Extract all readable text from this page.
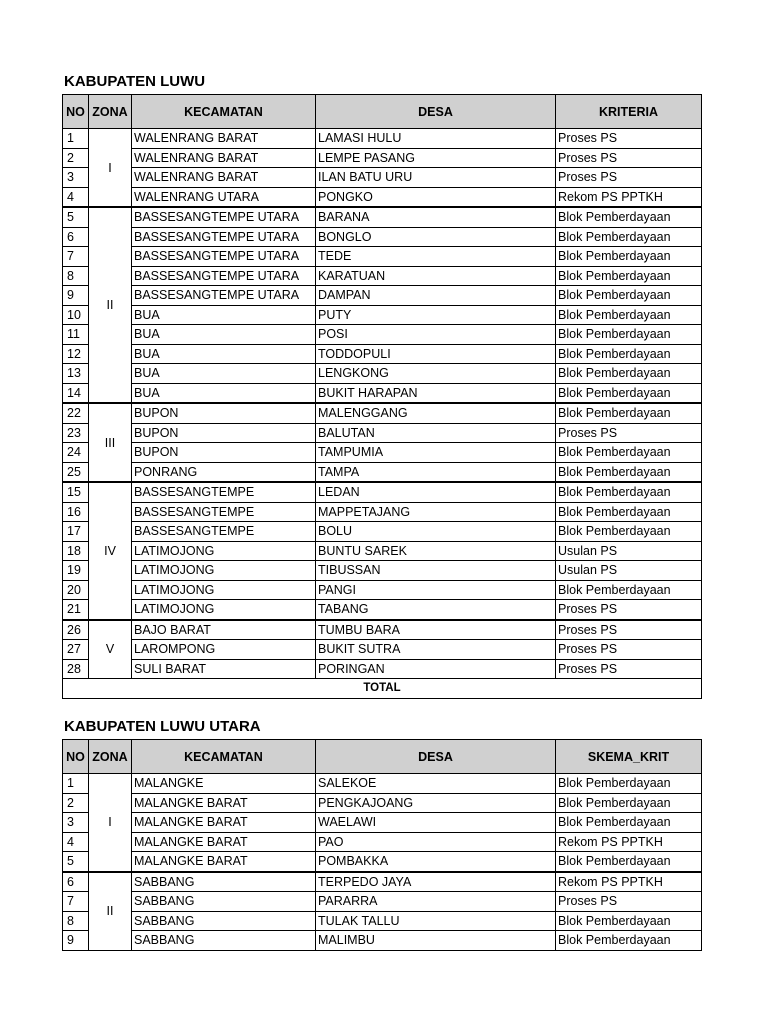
KABUPATEN LUWU
NO	ZONA	KECAMATAN	DESA	KRITERIA
1	I	WALENRANG BARAT	LAMASI HULU	Proses PS
2		WALENRANG BARAT	LEMPE PASANG	Proses PS
3		WALENRANG BARAT	ILAN BATU URU	Proses PS
4		WALENRANG UTARA	PONGKO	Rekom PS PPTKH
5	II	BASSESANGTEMPE UTARA	BARANA	Blok Pemberdayaan
6		BASSESANGTEMPE UTARA	BONGLO	Blok Pemberdayaan
7		BASSESANGTEMPE UTARA	TEDE	Blok Pemberdayaan
8		BASSESANGTEMPE UTARA	KARATUAN	Blok Pemberdayaan
9		BASSESANGTEMPE UTARA	DAMPAN	Blok Pemberdayaan
10		BUA	PUTY	Blok Pemberdayaan
11		BUA	POSI	Blok Pemberdayaan
12		BUA	TODDOPULI	Blok Pemberdayaan
13		BUA	LENGKONG	Blok Pemberdayaan
14		BUA	BUKIT HARAPAN	Blok Pemberdayaan
22	III	BUPON	MALENGGANG	Blok Pemberdayaan
23		BUPON	BALUTAN	Proses PS
24		BUPON	TAMPUMIA	Blok Pemberdayaan
25		PONRANG	TAMPA	Blok Pemberdayaan
15	IV	BASSESANGTEMPE	LEDAN	Blok Pemberdayaan
16		BASSESANGTEMPE	MAPPETAJANG	Blok Pemberdayaan
17		BASSESANGTEMPE	BOLU	Blok Pemberdayaan
18		LATIMOJONG	BUNTU SAREK	Usulan PS
19		LATIMOJONG	TIBUSSAN	Usulan PS
20		LATIMOJONG	PANGI	Blok Pemberdayaan
21		LATIMOJONG	TABANG	Proses PS
26	V	BAJO BARAT	TUMBU BARA	Proses PS
27		LAROMPONG	BUKIT SUTRA	Proses PS
28		SULI BARAT	PORINGAN	Proses PS
TOTAL				
KABUPATEN LUWU UTARA
NO	ZONA	KECAMATAN	DESA	SKEMA_KRIT
1	I	MALANGKE	SALEKOE	Blok Pemberdayaan
2		MALANGKE BARAT	PENGKAJOANG	Blok Pemberdayaan
3		MALANGKE BARAT	WAELAWI	Blok Pemberdayaan
4		MALANGKE BARAT	PAO	Rekom PS PPTKH
5		MALANGKE BARAT	POMBAKKA	Blok Pemberdayaan
6	II	SABBANG	TERPEDO JAYA	Rekom PS PPTKH
7		SABBANG	PARARRA	Proses PS
8		SABBANG	TULAK TALLU	Blok Pemberdayaan
9		SABBANG	MALIMBU	Blok Pemberdayaan
